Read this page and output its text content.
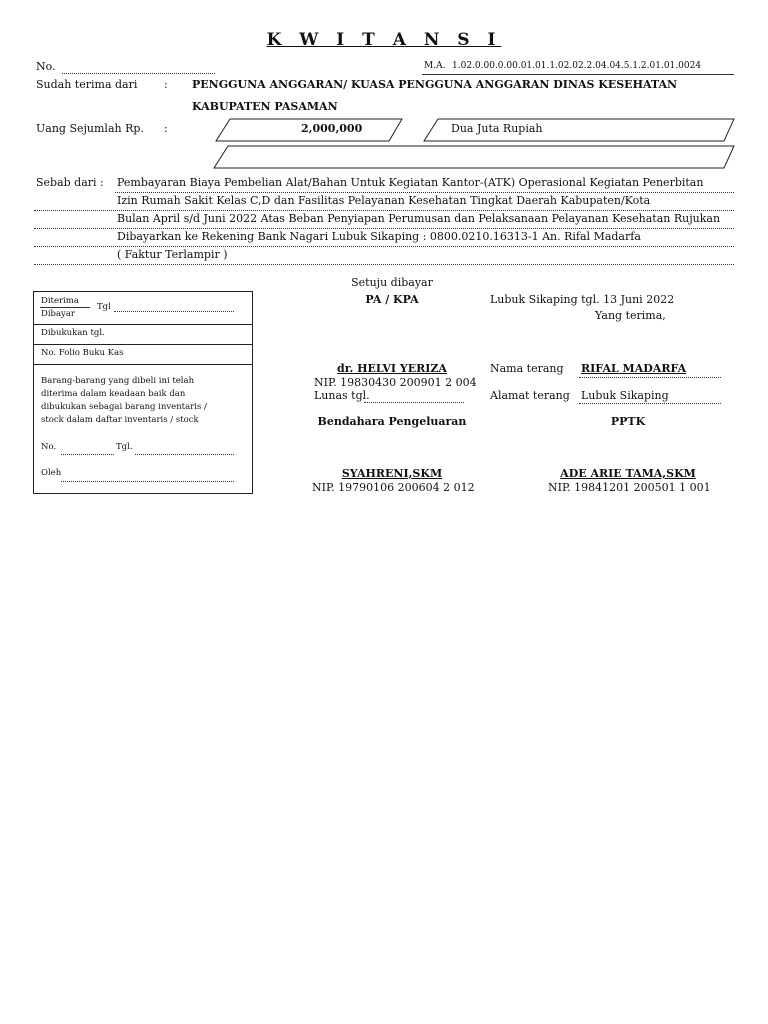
K W I T A N S I
No.	M.A. 1.02.0.00.0.00.01.01.1.02.02.2.04.04.5.1.2.01.01.0024
Sudah terima dari : PENGGUNA ANGGARAN/ KUASA PENGGUNA ANGGARAN DINAS KESEHATAN
KABUPATEN PASAMAN
Uang Sejumlah Rp. :	2,000,000	Dua Juta Rupiah
Sebab dari : Pembayaran Biaya Pembelian Alat/Bahan Untuk Kegiatan Kantor-(ATK) Operasional Kegiatan Penerbitan
Izin Rumah Sakit Kelas C,D dan Fasilitas Pelayanan Kesehatan Tingkat Daerah Kabupaten/Kota
Bulan April s/d Juni 2022 Atas Beban Penyiapan Perumusan dan Pelaksanaan Pelayanan Kesehatan Rujukan
Dibayarkan ke Rekening Bank Nagari Lubuk Sikaping : 0800.0210.16313-1 An. Rifal Madarfa
( Faktur Terlampir )
Diterima
Dibayar
Tgl
Dibukukan tgl.
No. Folio Buku Kas
Barang-barang yang dibeli ini telah
diterima dalam keadaan baik dan
dibukukan sebagai barang inventaris /
stock dalam daftar inventaris / stock
No.	Tgl.
Oleh
Setuju dibayar
PA / KPA
dr. HELVI YERIZA
NIP. 19830430 200901 2 004
Lunas tgl.
Bendahara Pengeluaran
SYAHRENI,SKM
NIP. 19790106 200604 2 012
Lubuk Sikaping tgl. 13 Juni 2022
Yang terima,
Nama terang RIFAL MADARFA
Alamat terang Lubuk Sikaping
PPTK
ADE ARIE TAMA,SKM
NIP. 19841201 200501 1 001
